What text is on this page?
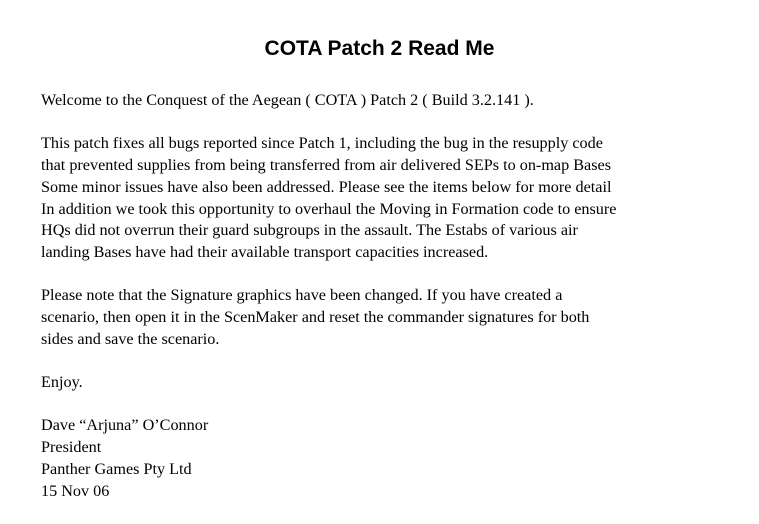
COTA Patch 2 Read Me

Welcome to the Conquest of the Aegean ( COTA ) Patch 2 ( Build 3.2.141 ).

This patch fixes all bugs reported since Patch 1, including the bug in the resupply code
that prevented supplies from being transferred from air delivered SEPs to on-map Bases
Some minor issues have also been addressed. Please see the items below for more detail
In addition we took this opportunity to overhaul the Moving in Formation code to ensure
HQs did not overrun their guard subgroups in the assault. The Estabs of various air
landing Bases have had their available transport capacities increased.

Please note that the Signature graphics have been changed. If you have created a
scenario, then open it in the ScenMaker and reset the commander signatures for both
sides and save the scenario.

Enjoy.

Dave “Arjuna” O’Connor
President
Panther Games Pty Ltd
15 Nov 06
